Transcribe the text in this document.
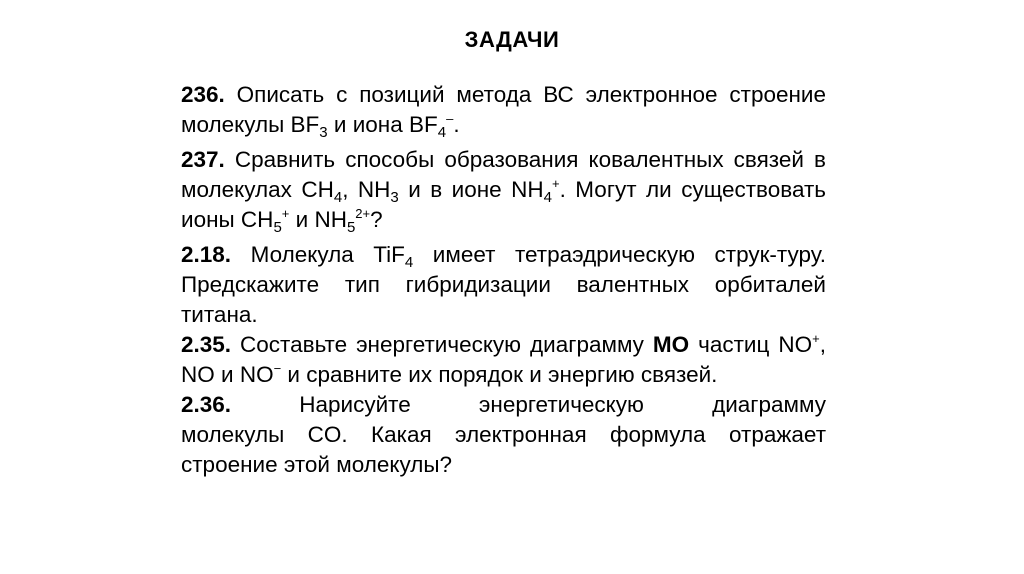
ЗАДАЧИ

236. Описать с позиций метода ВС электронное строение молекулы $BF_3$ и иона $BF_4^-$.

237. Сравнить способы образования ковалентных связей в молекулах $CH_4$, $NH_3$ и в ионе $NH_4^+$. Могут ли существовать ионы $CH_5^+$ и $NH_5^{2+}$?

2.18. Молекула TiF$_4$ имеет тетраэдрическую струк-туру. Предскажите тип гибридизации валентных орбиталей титана.

2.35. Составьте энергетическую диаграмму МО частиц NO+, NO и NO− и сравните их порядок и энергию связей.

2.36.	Нарисуйте	энергетическую	диаграмму
молекулы CO. Какая электронная формула отражает строение этой молекулы?
